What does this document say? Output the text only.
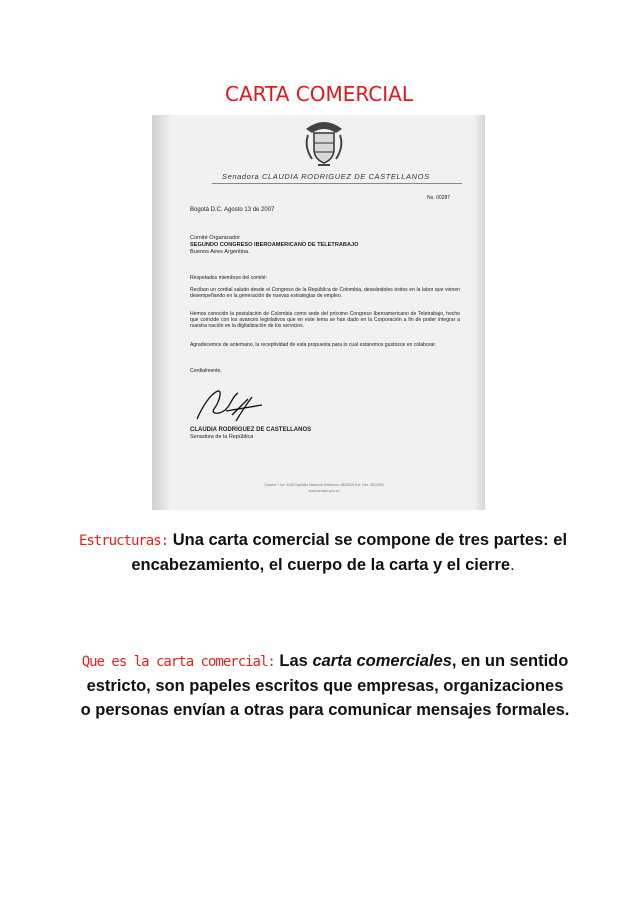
CARTA COMERCIAL
Senadora CLAUDIA RODRIGUEZ DE CASTELLANOS
No. 00287
Bogotá D.C. Agosto 13 de 2007
Comité Organizador
SEGUNDO CONGRESO IBEROAMERICANO DE TELETRABAJO
Buenos Aires Argentina.
Respetados miembros del comité:
Reciban un cordial saludo desde el Congreso de la República de Colombia, deseándoles éxitos en la labor que vienen desempeñando en la generación de nuevas estrategias de empleo.
Hemos conocido la postulación de Colombia como sede del próximo Congreso Iberoamericano de Teletrabajo, hecho que coincide con los avances legislativos que en este tema se han dado en la Corporación a fin de poder integrar a nuestra nación en la digitalización de los servicios.
Agradecemos de antemano, la receptividad de esta propuesta para lo cual estaremos gustosos en colaborar.
Cordialmente,
CLAUDIA RODRIGUEZ DE CASTELLANOS
Senadora de la República
Carrera 7 No. 8-68 Capitolio Nacional Teléfonos: 3823000 Ext. Fax: 3824000
www.senado.gov.co
Estructuras: Una carta comercial se compone de tres partes: el encabezamiento, el cuerpo de la carta y el cierre.
Que es la carta comercial: Las carta comerciales, en un sentido estricto, son papeles escritos que empresas, organizaciones o personas envían a otras para comunicar mensajes formales.
